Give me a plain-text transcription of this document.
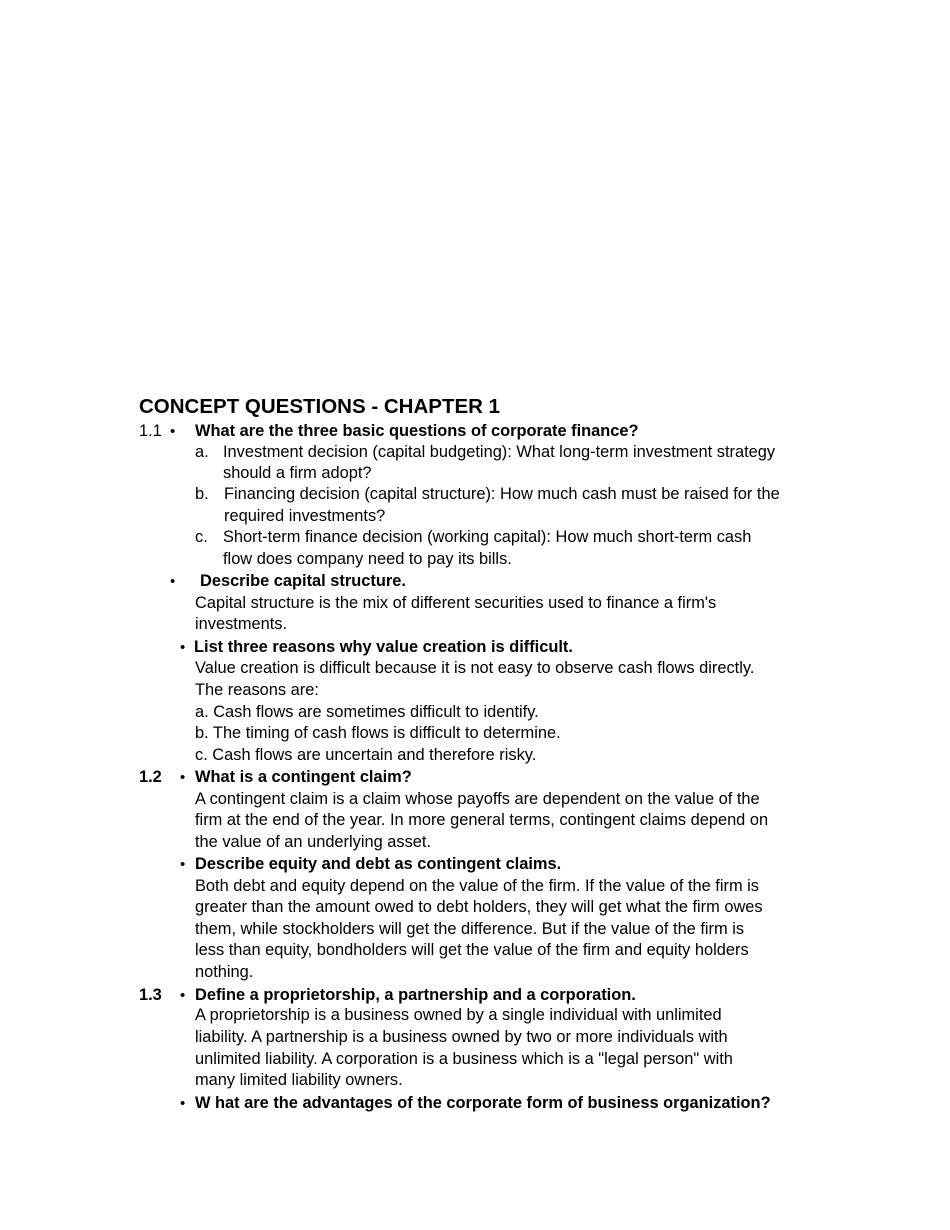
CONCEPT QUESTIONS - CHAPTER 1
1.1 • What are the three basic questions of corporate finance?
a. Investment decision (capital budgeting): What long-term investment strategy
should a firm adopt?
b. Financing decision (capital structure): How much cash must be raised for the
required investments?
c. Short-term finance decision (working capital): How much short-term cash
flow does company need to pay its bills.
• Describe capital structure.
Capital structure is the mix of different securities used to finance a firm's
investments.
• List three reasons why value creation is difficult.
Value creation is difficult because it is not easy to observe cash flows directly.
The reasons are:
a. Cash flows are sometimes difficult to identify.
b. The timing of cash flows is difficult to determine.
c. Cash flows are uncertain and therefore risky.
1.2 • What is a contingent claim?
A contingent claim is a claim whose payoffs are dependent on the value of the
firm at the end of the year. In more general terms, contingent claims depend on
the value of an underlying asset.
• Describe equity and debt as contingent claims.
Both debt and equity depend on the value of the firm. If the value of the firm is
greater than the amount owed to debt holders, they will get what the firm owes
them, while stockholders will get the difference. But if the value of the firm is
less than equity, bondholders will get the value of the firm and equity holders
nothing.
1.3 • Define a proprietorship, a partnership and a corporation.
A proprietorship is a business owned by a single individual with unlimited
liability. A partnership is a business owned by two or more individuals with
unlimited liability. A corporation is a business which is a "legal person" with
many limited liability owners.
• W hat are the advantages of the corporate form of business organization?
